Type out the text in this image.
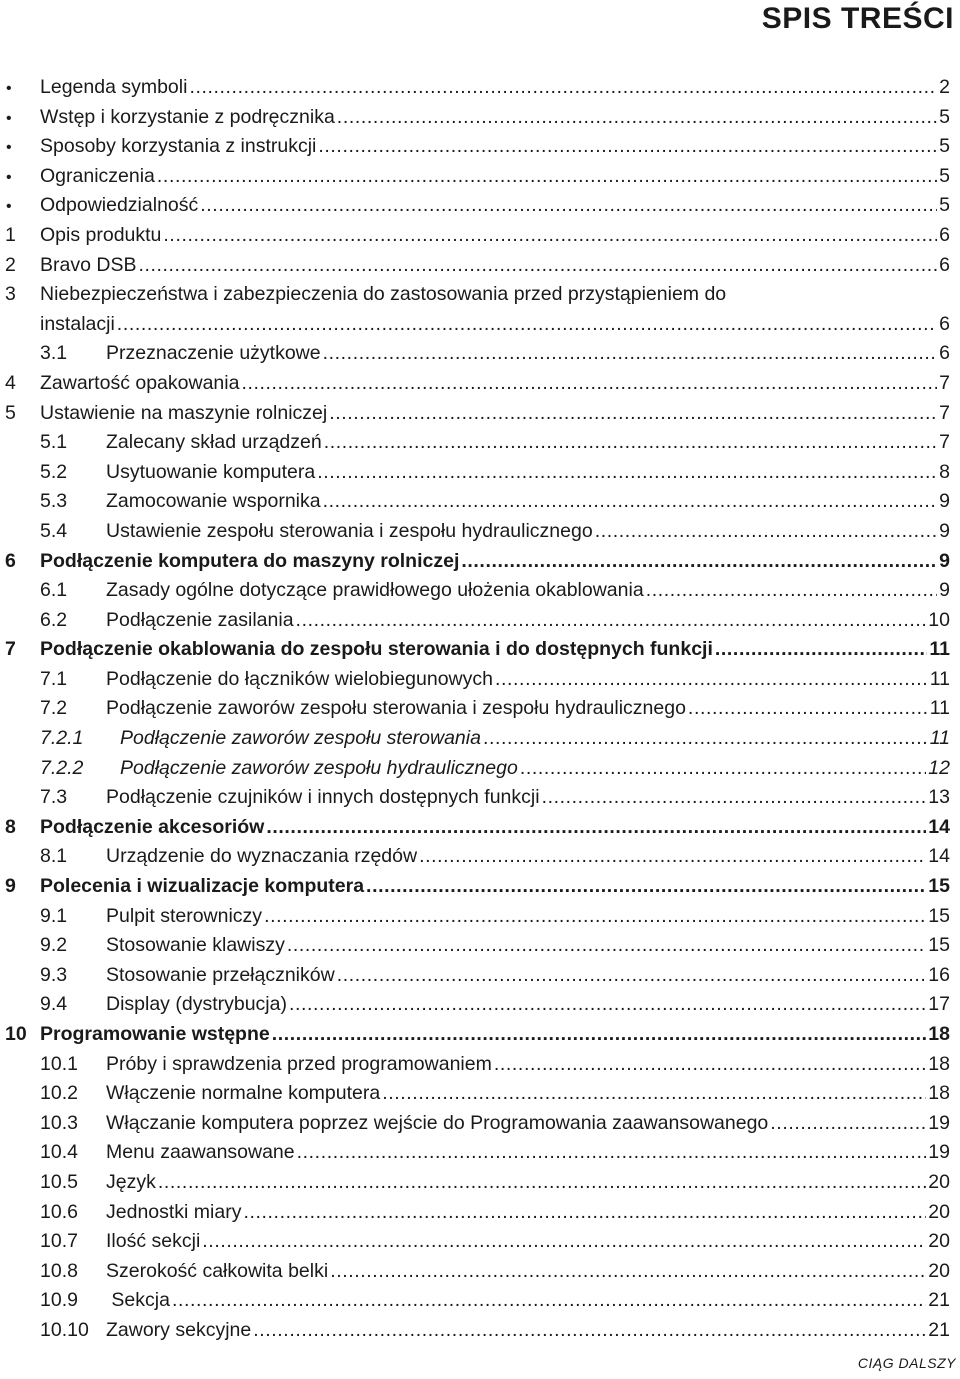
SPIS TREŚCI
•	Legenda symboli .....	2
•	Wstęp i korzystanie z podręcznika .....	5
•	Sposoby korzystania z instrukcji .....	5
•	Ograniczenia .....	5
•	Odpowiedzialność .....	5
1	Opis produktu .....	6
2	Bravo DSB .....	6
3	Niebezpieczeństwa i zabezpieczenia do zastosowania przed przystąpieniem do
instalacji .....	6
3.1	Przeznaczenie użytkowe .....	6
4	Zawartość opakowania .....	7
5	Ustawienie na maszynie rolniczej .....	7
5.1	Zalecany skład urządzeń .....	7
5.2	Usytuowanie komputera .....	8
5.3	Zamocowanie wspornika .....	9
5.4	Ustawienie zespołu sterowania i zespołu hydraulicznego .....	9
6	Podłączenie komputera do maszyny rolniczej .....	9
6.1	Zasady ogólne dotyczące prawidłowego ułożenia okablowania .....	9
6.2	Podłączenie zasilania .....	10
7	Podłączenie okablowania do zespołu sterowania i do dostępnych funkcji .....	11
7.1	Podłączenie do łączników wielobiegunowych .....	11
7.2	Podłączenie zaworów zespołu sterowania i zespołu hydraulicznego .....	11
7.2.1	Podłączenie zaworów zespołu sterowania .....	11
7.2.2	Podłączenie zaworów zespołu hydraulicznego .....	12
7.3	Podłączenie czujników i innych dostępnych funkcji .....	13
8	Podłączenie akcesoriów .....	14
8.1	Urządzenie do wyznaczania rzędów .....	14
9	Polecenia i wizualizacje komputera .....	15
9.1	Pulpit sterowniczy .....	15
9.2	Stosowanie klawiszy .....	15
9.3	Stosowanie przełączników .....	16
9.4	Display (dystrybucja) .....	17
10 Programowanie wstępne .....	18
10.1	Próby i sprawdzenia przed programowaniem .....	18
10.2	Włączenie normalne komputera .....	18
10.3	Włączanie komputera poprzez wejście do Programowania zaawansowanego .....	19
10.4	Menu zaawansowane .....	19
10.5	Język .....	20
10.6	Jednostki miary .....	20
10.7	Ilość sekcji .....	20
10.8	Szerokość całkowita belki .....	20
10.9	Sekcja .....	21
10.10 Zawory sekcyjne .....	21
CIĄG DALSZY
